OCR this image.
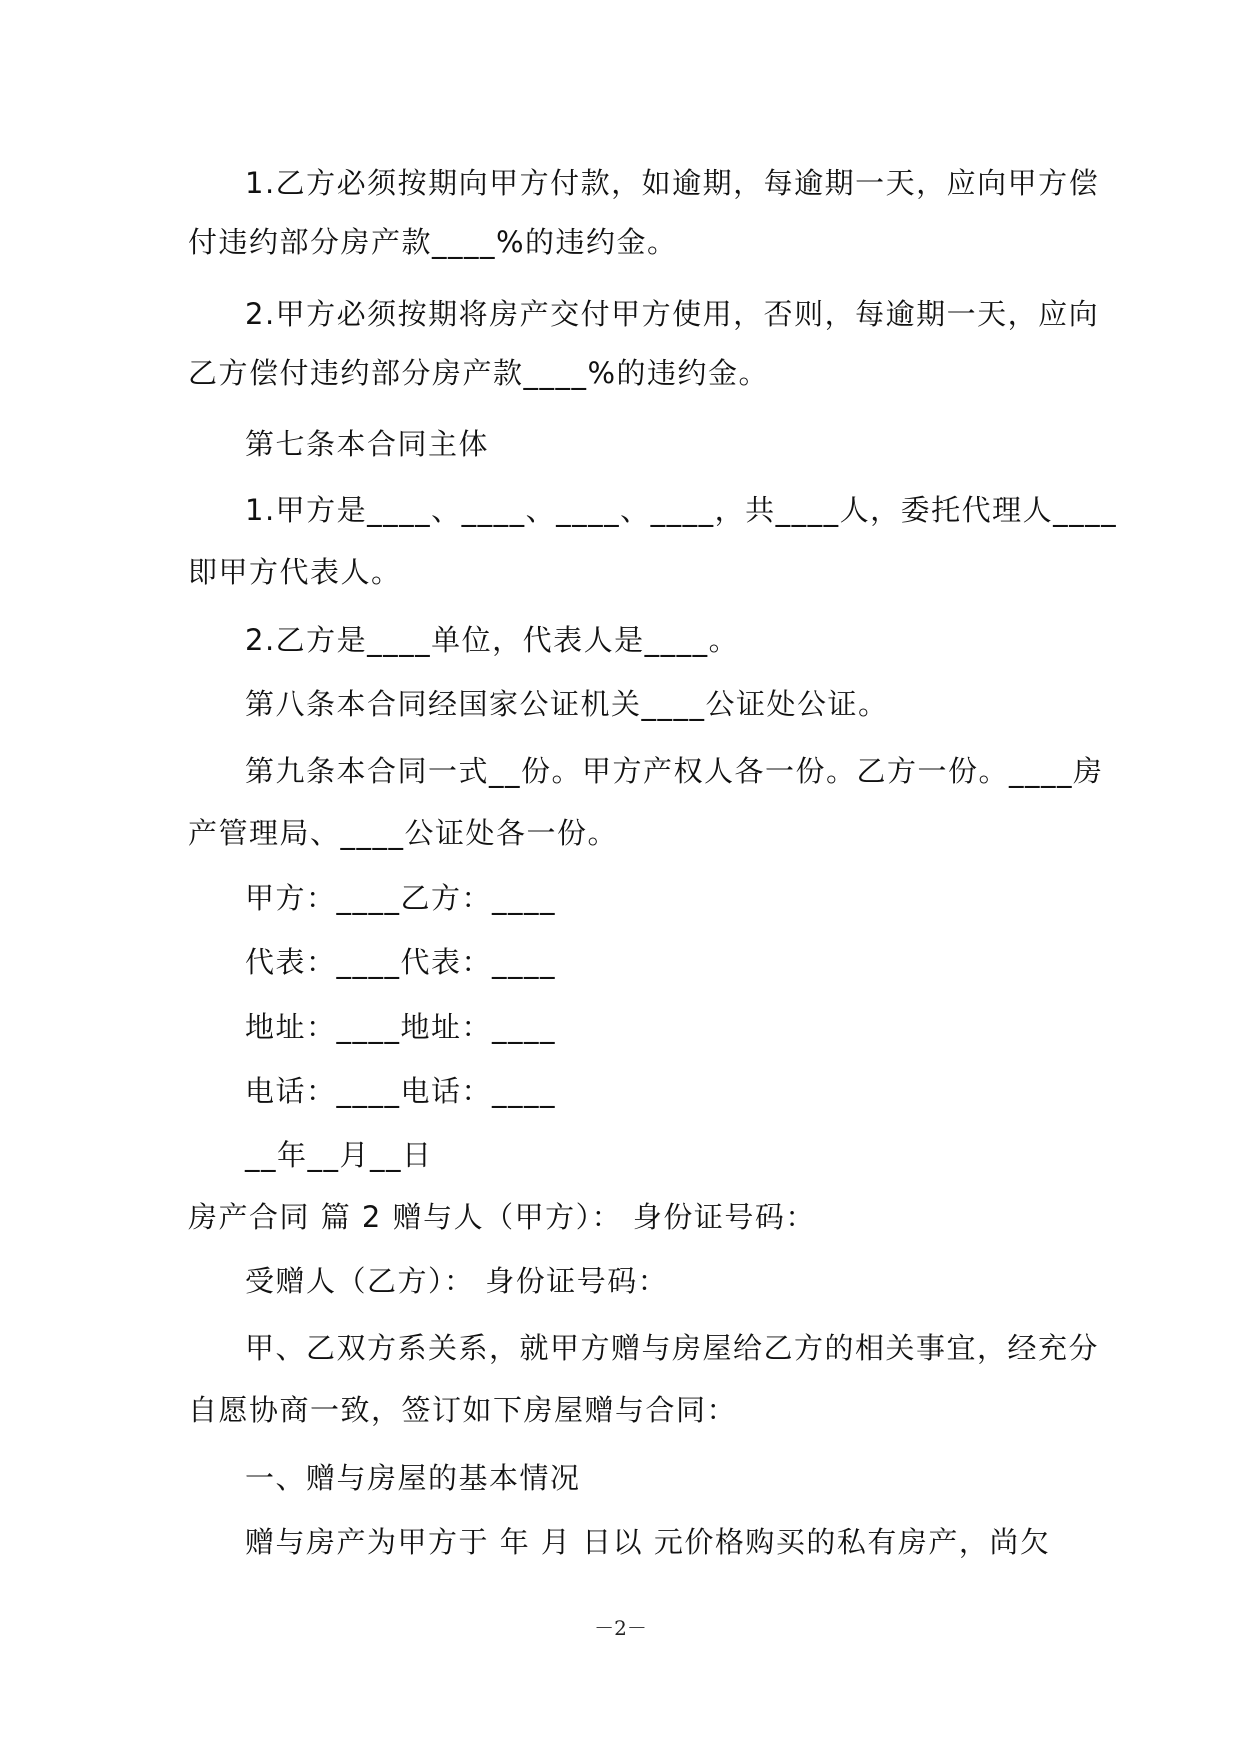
1.乙方必须按期向甲方付款，如逾期，每逾期一天，应向甲方偿

付违约部分房产款____%的违约金。

2.甲方必须按期将房产交付甲方使用，否则，每逾期一天，应向

乙方偿付违约部分房产款____%的违约金。

第七条本合同主体

1.甲方是____、____、____、____，共____人，委托代理人____

即甲方代表人。

2.乙方是____单位，代表人是____。

第八条本合同经国家公证机关____公证处公证。

第九条本合同一式__份。甲方产权人各一份。乙方一份。____房

产管理局、____公证处各一份。

甲方：____乙方：____

代表：____代表：____

地址：____地址：____

电话：____电话：____

__年__月__日

房产合同 篇 2 赠与人（甲方）： 身份证号码：

受赠人（乙方）： 身份证号码：

甲、乙双方系关系，就甲方赠与房屋给乙方的相关事宜，经充分

自愿协商一致，签订如下房屋赠与合同：

一、赠与房屋的基本情况

赠与房产为甲方于 年 月 日以 元价格购买的私有房产，尚欠

－2－
